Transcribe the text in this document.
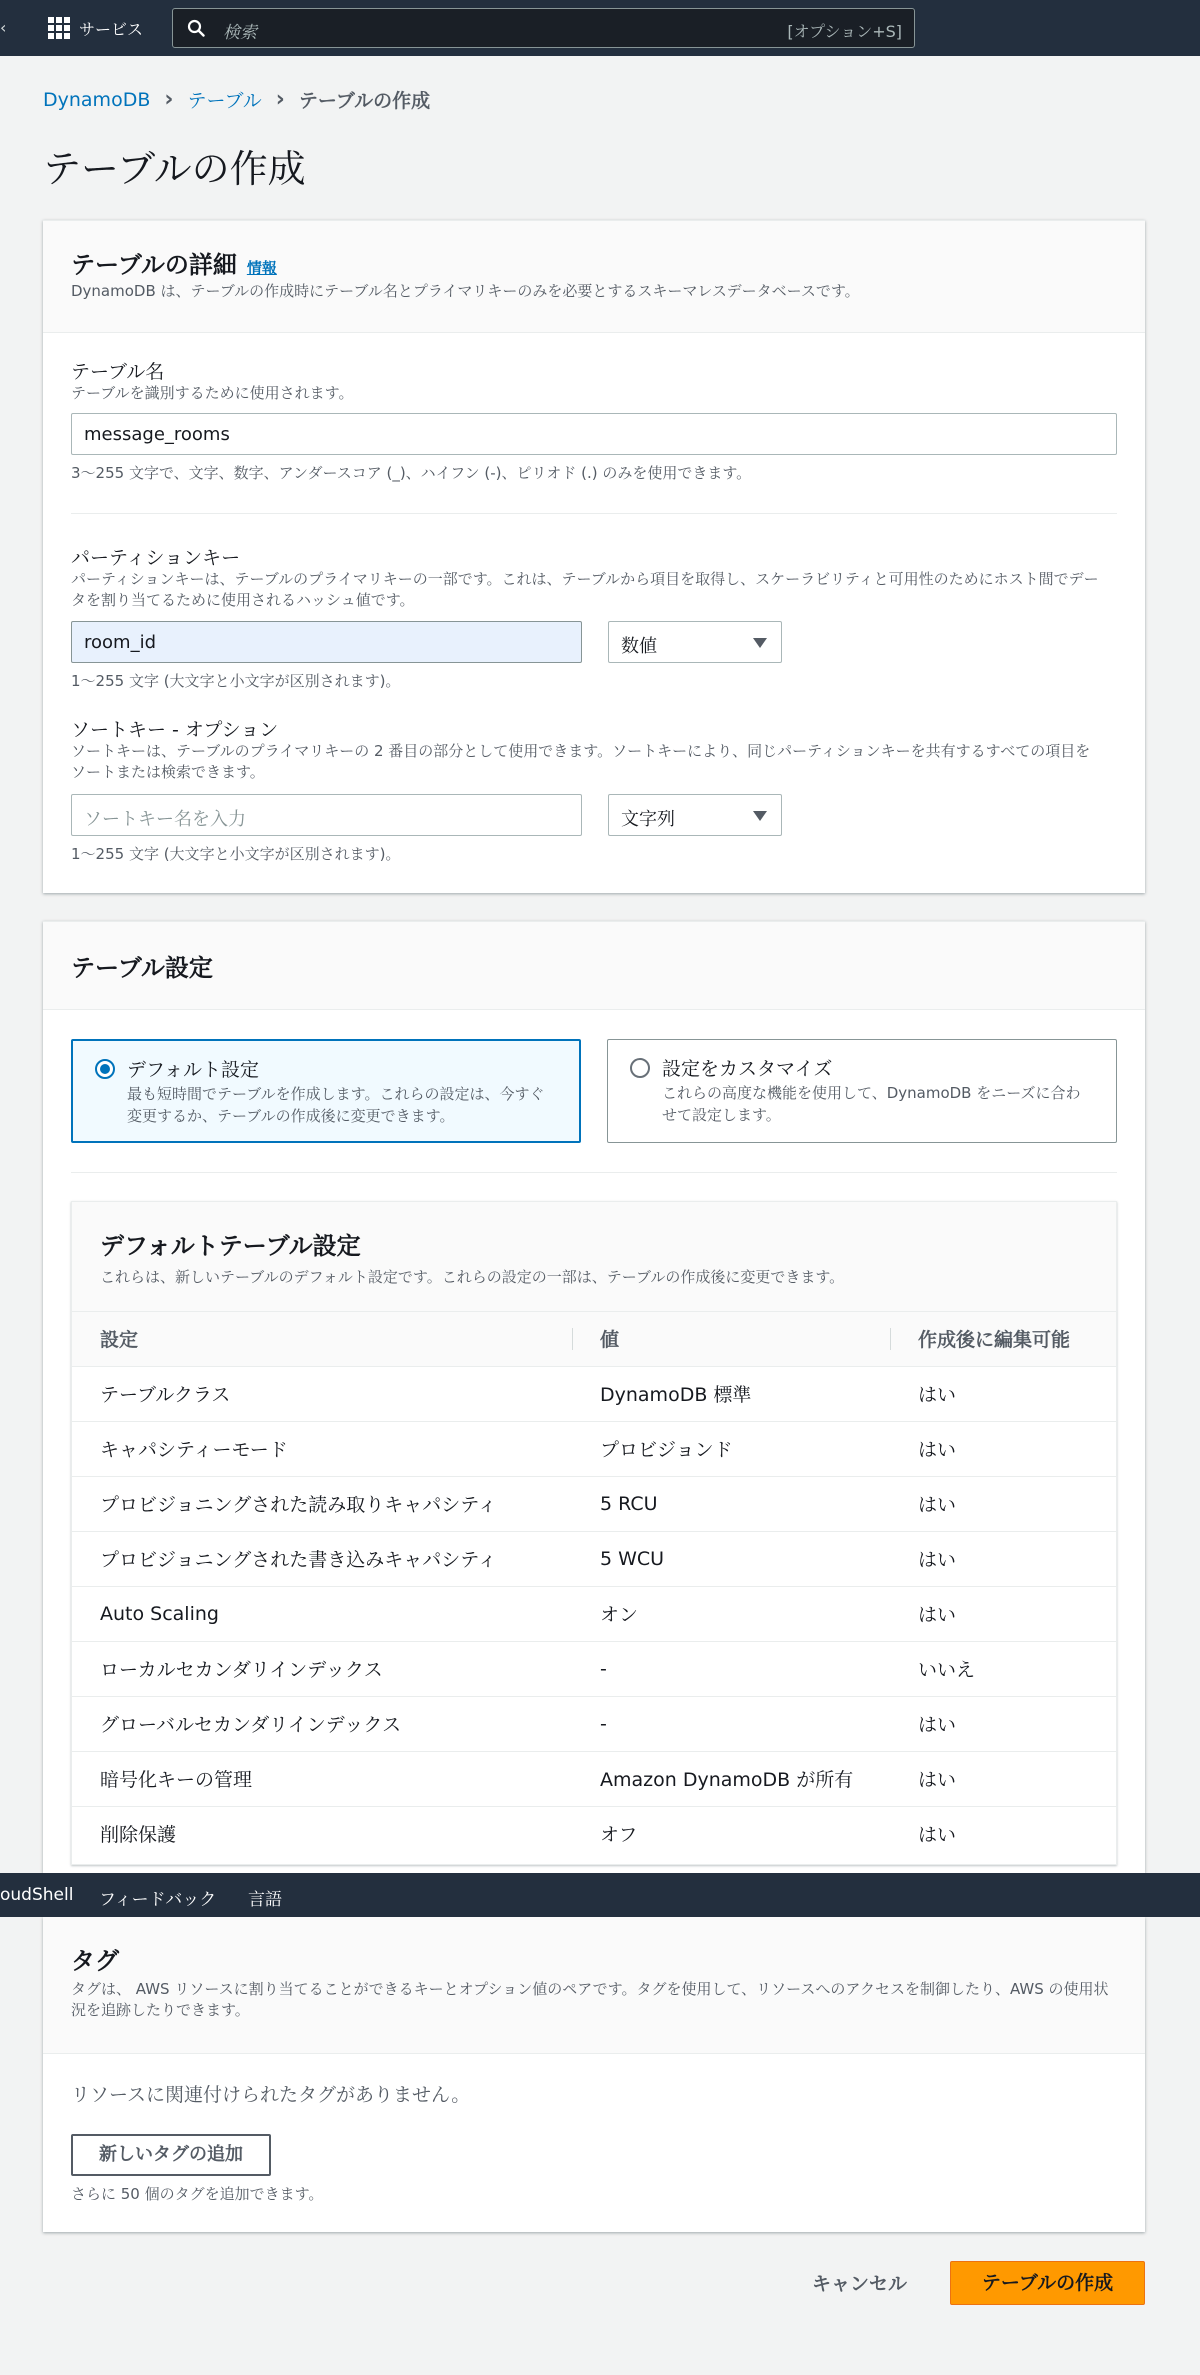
‹	サービス	検索	[オプション+S]
DynamoDB › テーブル › テーブルの作成
テーブルの作成
テーブルの詳細 情報
DynamoDB は、テーブルの作成時にテーブル名とプライマリキーのみを必要とするスキーマレスデータベースです。
テーブル名
テーブルを識別するために使用されます。
message_rooms
3〜255 文字で、文字、数字、アンダースコア (_)、ハイフン (-)、ピリオド (.) のみを使用できます。
パーティションキー
パーティションキーは、テーブルのプライマリキーの一部です。これは、テーブルから項目を取得し、スケーラビリティと可用性のためにホスト間でデータを割り当てるために使用されるハッシュ値です。
room_id	数値
1〜255 文字 (大文字と小文字が区別されます)。
ソートキー - オプション
ソートキーは、テーブルのプライマリキーの 2 番目の部分として使用できます。ソートキーにより、同じパーティションキーを共有するすべての項目をソートまたは検索できます。
ソートキー名を入力	文字列
1〜255 文字 (大文字と小文字が区別されます)。
テーブル設定
デフォルト設定
最も短時間でテーブルを作成します。これらの設定は、今すぐ変更するか、テーブルの作成後に変更できます。
設定をカスタマイズ
これらの高度な機能を使用して、DynamoDB をニーズに合わせて設定します。
デフォルトテーブル設定
これらは、新しいテーブルのデフォルト設定です。これらの設定の一部は、テーブルの作成後に変更できます。
設定	値	作成後に編集可能
テーブルクラス	DynamoDB 標準	はい
キャパシティーモード	プロビジョンド	はい
プロビジョニングされた読み取りキャパシティ	5 RCU	はい
プロビジョニングされた書き込みキャパシティ	5 WCU	はい
Auto Scaling	オン	はい
ローカルセカンダリインデックス	-	いいえ
グローバルセカンダリインデックス	-	はい
暗号化キーの管理	Amazon DynamoDB が所有	はい
削除保護	オフ	はい
タグ
タグは、 AWS リソースに割り当てることができるキーとオプション値のペアです。タグを使用して、リソースへのアクセスを制御したり、AWS の使用状況を追跡したりできます。
リソースに関連付けられたタグがありません。
新しいタグの追加
さらに 50 個のタグを追加できます。
oudShell フィードバック 言語
キャンセル	テーブルの作成
